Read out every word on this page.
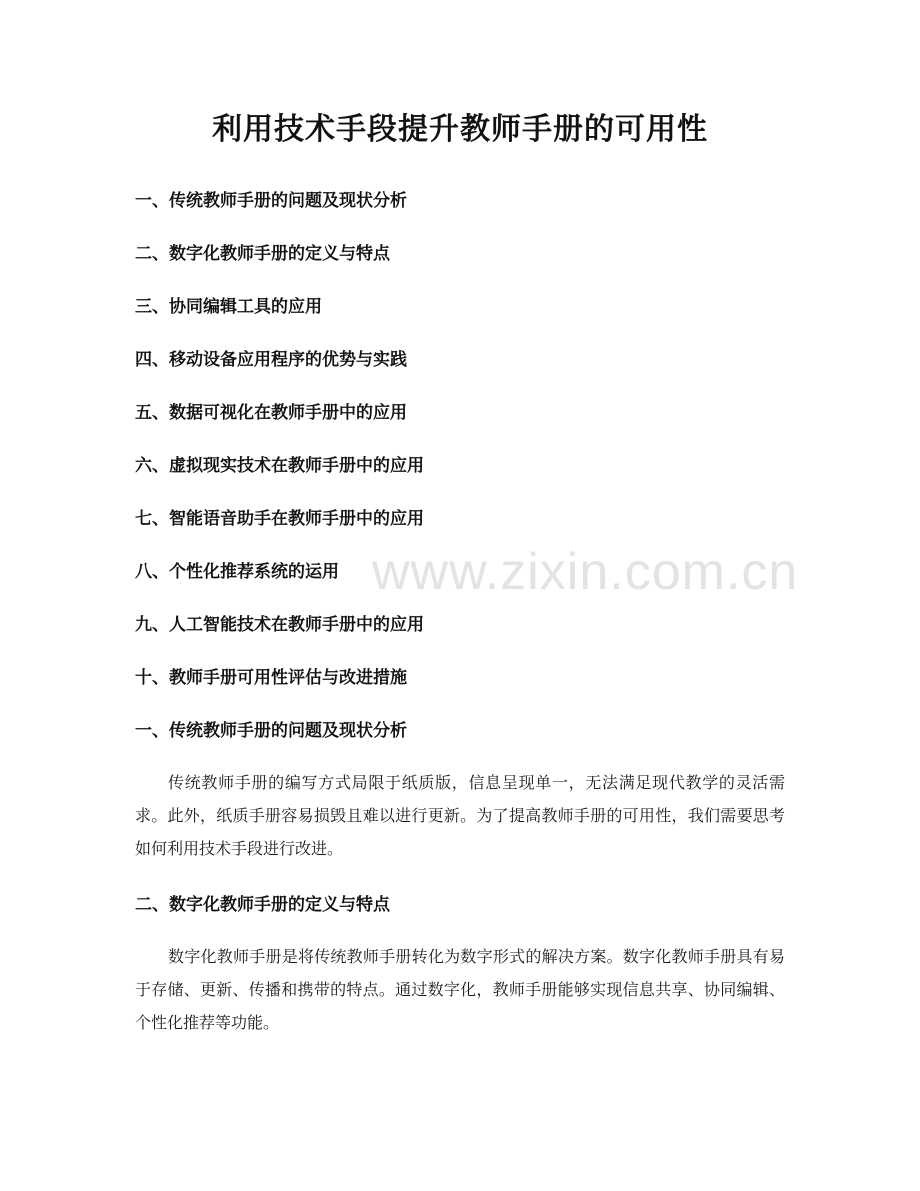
利用技术手段提升教师手册的可用性
一、传统教师手册的问题及现状分析
二、数字化教师手册的定义与特点
三、协同编辑工具的应用
四、移动设备应用程序的优势与实践
五、数据可视化在教师手册中的应用
六、虚拟现实技术在教师手册中的应用
七、智能语音助手在教师手册中的应用
八、个性化推荐系统的运用
九、人工智能技术在教师手册中的应用
十、教师手册可用性评估与改进措施
一、传统教师手册的问题及现状分析

传统教师手册的编写方式局限于纸质版，信息呈现单一，无法满足现代教学的灵活需求。此外，纸质手册容易损毁且难以进行更新。为了提高教师手册的可用性，我们需要思考如何利用技术手段进行改进。

二、数字化教师手册的定义与特点

数字化教师手册是将传统教师手册转化为数字形式的解决方案。数字化教师手册具有易于存储、更新、传播和携带的特点。通过数字化，教师手册能够实现信息共享、协同编辑、个性化推荐等功能。

www.zixin.com.cn
